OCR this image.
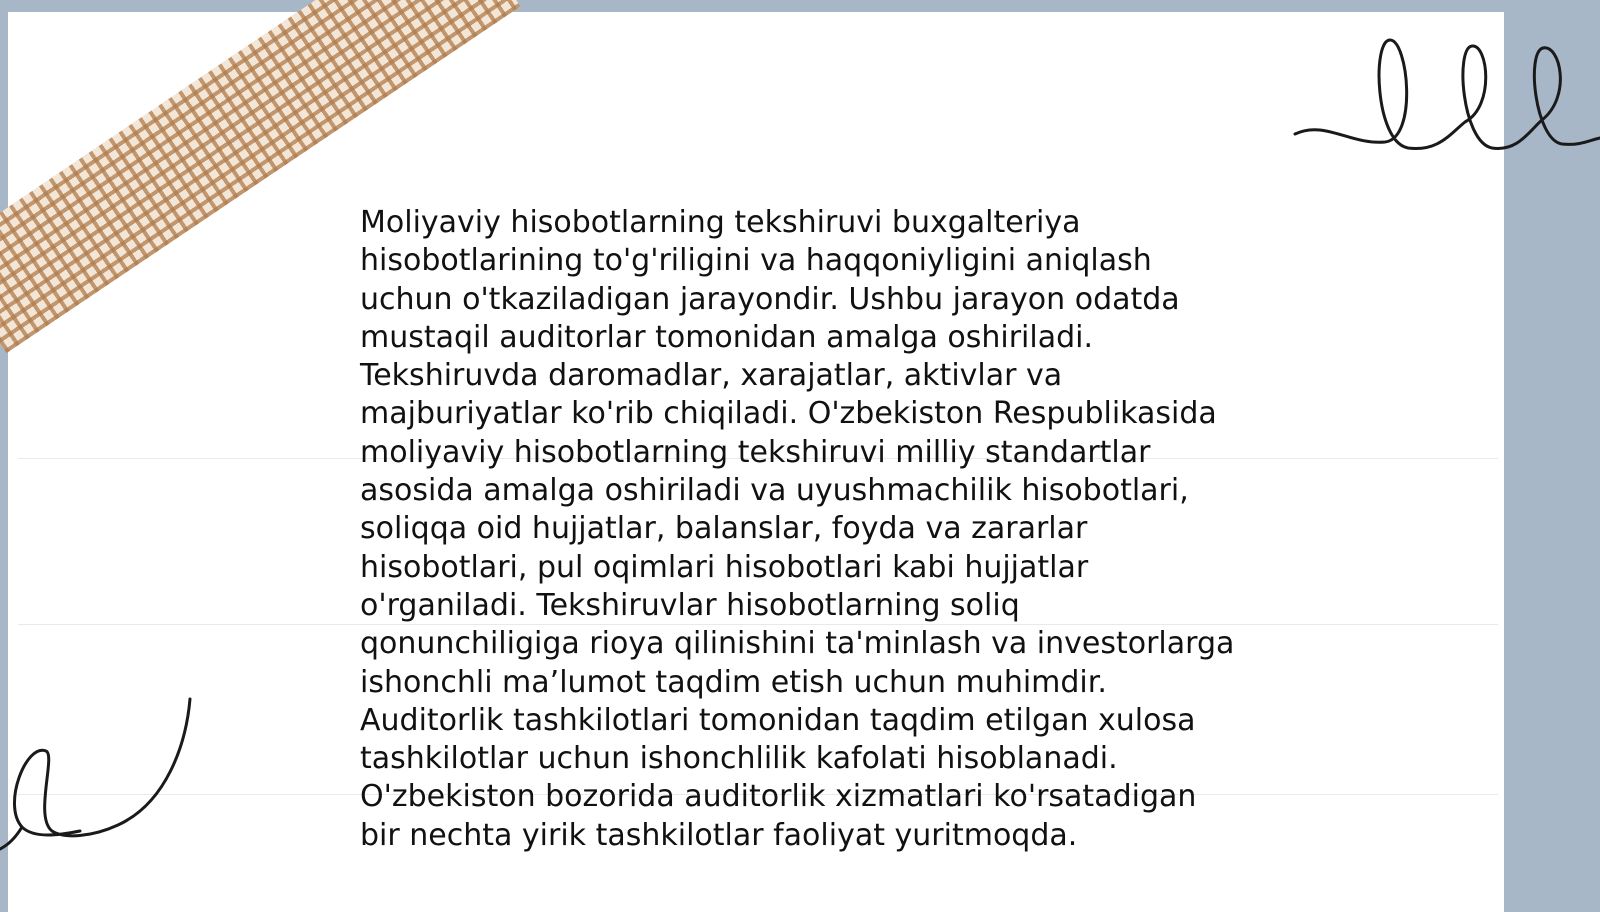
Moliyaviy hisobotlarning tekshiruvi buxgalteriya
hisobotlarining to'g'riligini va haqqoniyligini aniqlash
uchun o'tkaziladigan jarayondir. Ushbu jarayon odatda
mustaqil auditorlar tomonidan amalga oshiriladi.
Tekshiruvda daromadlar, xarajatlar, aktivlar va
majburiyatlar ko'rib chiqiladi. O'zbekiston Respublikasida
moliyaviy hisobotlarning tekshiruvi milliy standartlar
asosida amalga oshiriladi va uyushmachilik hisobotlari,
soliqqa oid hujjatlar, balanslar, foyda va zararlar
hisobotlari, pul oqimlari hisobotlari kabi hujjatlar
o'rganiladi. Tekshiruvlar hisobotlarning soliq
qonunchiligiga rioya qilinishini ta'minlash va investorlarga
ishonchli ma’lumot taqdim etish uchun muhimdir.
Auditorlik tashkilotlari tomonidan taqdim etilgan xulosa
tashkilotlar uchun ishonchlilik kafolati hisoblanadi.
O'zbekiston bozorida auditorlik xizmatlari ko'rsatadigan
bir nechta yirik tashkilotlar faoliyat yuritmoqda.
